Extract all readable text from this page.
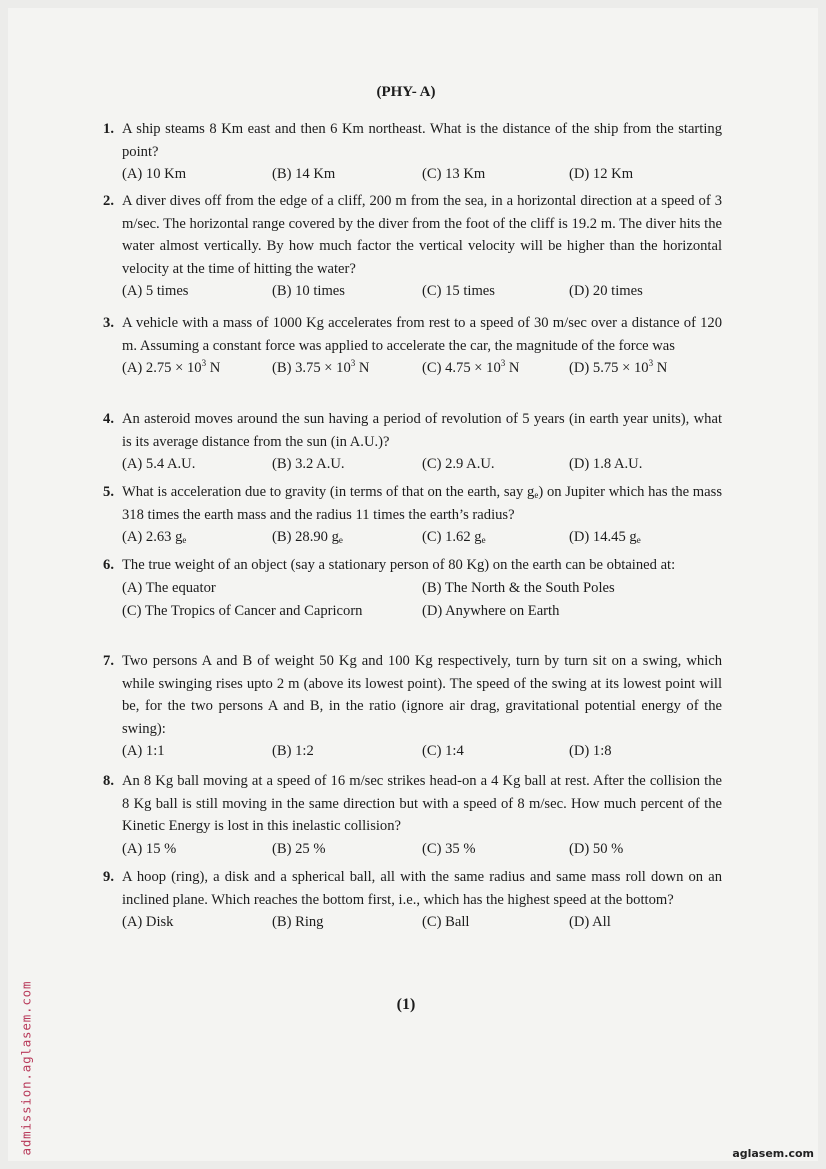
(PHY- A)
1. A ship steams 8 Km east and then 6 Km northeast. What is the distance of the ship from the starting point?
(A) 10 Km	(B) 14 Km	(C) 13 Km	(D) 12 Km
2. A diver dives off from the edge of a cliff, 200 m from the sea, in a horizontal direction at a speed of 3 m/sec. The horizontal range covered by the diver from the foot of the cliff is 19.2 m. The diver hits the water almost vertically. By how much factor the vertical velocity will be higher than the horizontal velocity at the time of hitting the water?
(A) 5 times	(B) 10 times	(C) 15 times	(D) 20 times
3. A vehicle with a mass of 1000 Kg accelerates from rest to a speed of 30 m/sec over a distance of 120 m. Assuming a constant force was applied to accelerate the car, the magnitude of the force was
(A) $2.75 \times 10^3$ N	(B) $3.75 \times 10^3$ N	(C) $4.75 \times 10^3$ N	(D) $5.75 \times 10^3$ N
4. An asteroid moves around the sun having a period of revolution of 5 years (in earth year units), what is its average distance from the sun (in A.U.)?
(A) 5.4 A.U.	(B) 3.2 A.U.	(C) 2.9 A.U.	(D) 1.8 A.U.
5. What is acceleration due to gravity (in terms of that on the earth, say $g_e$) on Jupiter which has the mass 318 times the earth mass and the radius 11 times the earth’s radius?
(A) 2.63 $g_e$	(B) 28.90 $g_e$	(C) 1.62 $g_e$	(D) 14.45 $g_e$
6. The true weight of an object (say a stationary person of 80 Kg) on the earth can be obtained at:
(A) The equator	(B) The North & the South Poles
(C) The Tropics of Cancer and Capricorn	(D) Anywhere on Earth
7. Two persons A and B of weight 50 Kg and 100 Kg respectively, turn by turn sit on a swing, which while swinging rises upto 2 m (above its lowest point). The speed of the swing at its lowest point will be, for the two persons A and B, in the ratio (ignore air drag, gravitational potential energy of the swing):
(A) 1:1	(B) 1:2	(C) 1:4	(D) 1:8
8. An 8 Kg ball moving at a speed of 16 m/sec strikes head-on a 4 Kg ball at rest. After the collision the 8 Kg ball is still moving in the same direction but with a speed of 8 m/sec. How much percent of the Kinetic Energy is lost in this inelastic collision?
(A) 15 %	(B) 25 %	(C) 35 %	(D) 50 %
9. A hoop (ring), a disk and a spherical ball, all with the same radius and same mass roll down on an inclined plane. Which reaches the bottom first, i.e., which has the highest speed at the bottom?
(A) Disk	(B) Ring	(C) Ball	(D) All
(1)
admission.aglasem.com	aglasem.com
